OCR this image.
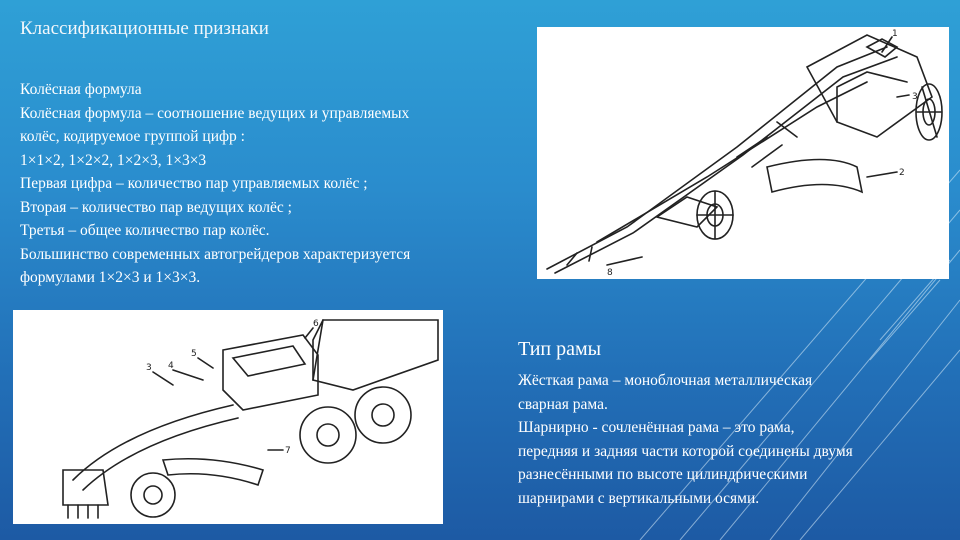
Классификационные признаки
Колёсная формула
Колёсная формула – соотношение ведущих и управляемых
колёс, кодируемое группой цифр :
1×1×2, 1×2×2, 1×2×3, 1×3×3
Первая цифра – количество пар управляемых колёс ;
Вторая – количество пар ведущих колёс ;
Третья – общее количество пар колёс.
Большинство современных автогрейдеров характеризуется
формулами 1×2×3 и 1×3×3.
1
3
2
8
6
5
4
3
7
Тип рамы
Жёсткая рама – моноблочная металлическая
сварная рама.
Шарнирно - сочленённая рама – это рама,
передняя и задняя части которой соединены двумя
разнесёнными по высоте цилиндрическими
шарнирами с вертикальными осями.
